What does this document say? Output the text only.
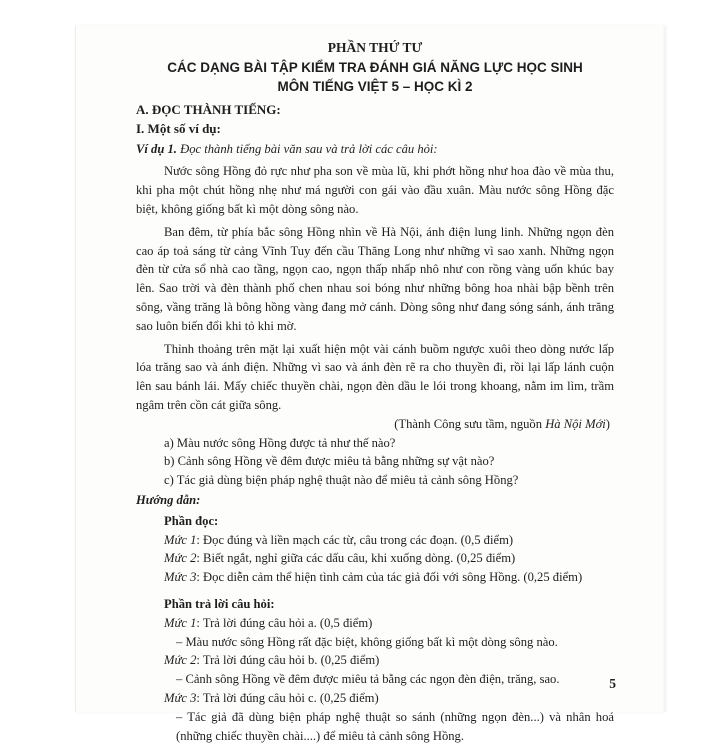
PHẦN THỨ TƯ
CÁC DẠNG BÀI TẬP KIỂM TRA ĐÁNH GIÁ NĂNG LỰC HỌC SINH
MÔN TIẾNG VIỆT 5 – HỌC KÌ 2

A. ĐỌC THÀNH TIẾNG:

I. Một số ví dụ:

Ví dụ 1. Đọc thành tiếng bài văn sau và trả lời các câu hỏi:

Nước sông Hồng đỏ rực như pha son về mùa lũ, khi phớt hồng như hoa đào về mùa thu, khi pha một chút hồng nhẹ như má người con gái vào đầu xuân. Màu nước sông Hồng đặc biệt, không giống bất kì một dòng sông nào.

Ban đêm, từ phía bắc sông Hồng nhìn về Hà Nội, ánh điện lung linh. Những ngọn đèn cao áp toả sáng từ cảng Vĩnh Tuy đến cầu Thăng Long như những vì sao xanh. Những ngọn đèn từ cửa sổ nhà cao tầng, ngọn cao, ngọn thấp nhấp nhô như con rồng vàng uốn khúc bay lên. Sao trời và đèn thành phố chen nhau soi bóng như những bông hoa nhài bập bềnh trên sông, vầng trăng là bông hồng vàng đang mở cánh. Dòng sông như đang sóng sánh, ánh trăng sao luôn biến đổi khi tỏ khi mờ.

Thỉnh thoảng trên mặt lại xuất hiện một vài cánh buồm ngược xuôi theo dòng nước lấp lóa trăng sao và ánh điện. Những vì sao và ánh đèn rẽ ra cho thuyền đi, rồi lại lấp lánh cuộn lên sau bánh lái. Mấy chiếc thuyền chài, ngọn đèn dầu le lói trong khoang, nằm im lìm, trầm ngâm trên cồn cát giữa sông.

(Thành Công sưu tầm, nguồn Hà Nội Mới)

a) Màu nước sông Hồng được tả như thế nào?

b) Cảnh sông Hồng về đêm được miêu tả bằng những sự vật nào?

c) Tác giả dùng biện pháp nghệ thuật nào để miêu tả cảnh sông Hồng?

Hướng dẫn:

Phần đọc:

Mức 1: Đọc đúng và liền mạch các từ, câu trong các đoạn. (0,5 điểm)

Mức 2: Biết ngắt, nghỉ giữa các dấu câu, khi xuống dòng. (0,25 điểm)

Mức 3: Đọc diễn cảm thể hiện tình cảm của tác giả đối với sông Hồng. (0,25 điểm)

Phần trả lời câu hỏi:

Mức 1: Trả lời đúng câu hỏi a. (0,5 điểm)

– Màu nước sông Hồng rất đặc biệt, không giống bất kì một dòng sông nào.

Mức 2: Trả lời đúng câu hỏi b. (0,25 điểm)

– Cảnh sông Hồng về đêm được miêu tả bằng các ngọn đèn điện, trăng, sao.

Mức 3: Trả lời đúng câu hỏi c. (0,25 điểm)

– Tác giả đã dùng biện pháp nghệ thuật so sánh (những ngọn đèn...) và nhân hoá (những chiếc thuyền chài....) để miêu tả cảnh sông Hồng.

5
